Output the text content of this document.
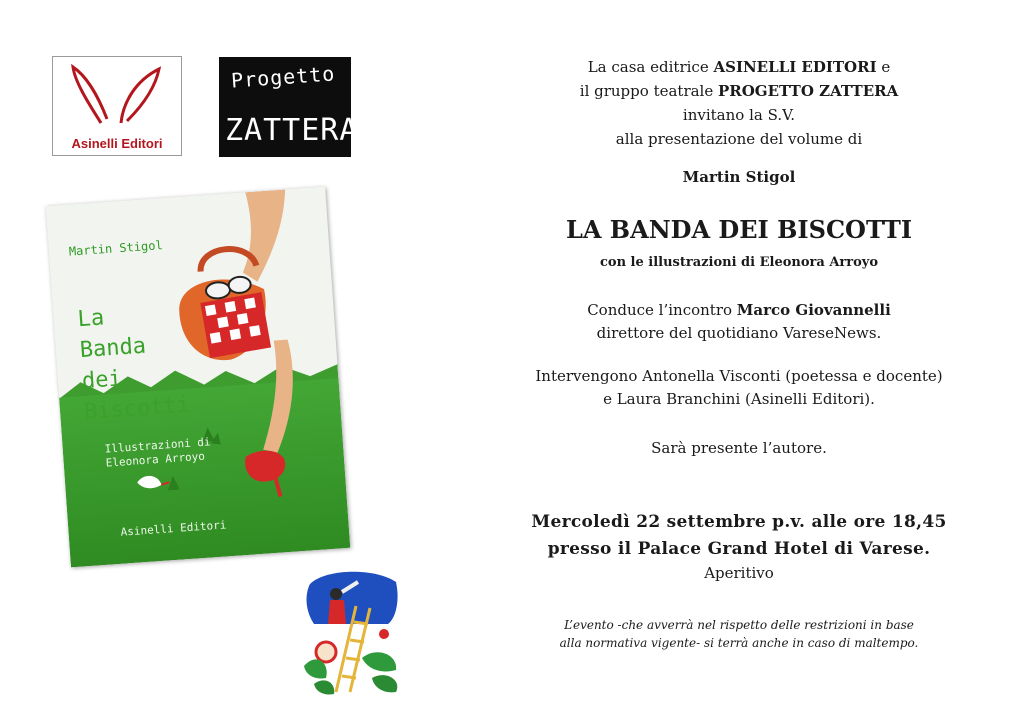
Asinelli Editori
Progetto
ZATTERA
Martin Stigol
La
Banda
dei
Biscotti
Illustrazioni di
Eleonora Arroyo
Asinelli Editori
La casa editrice ASINELLI EDITORI e
il gruppo teatrale PROGETTO ZATTERA
invitano la S.V.
alla presentazione del volume di
Martin Stigol
LA BANDA DEI BISCOTTI
con le illustrazioni di Eleonora Arroyo
Conduce l’incontro Marco Giovannelli
direttore del quotidiano VareseNews.
Intervengono Antonella Visconti (poetessa e docente)
e Laura Branchini (Asinelli Editori).
Sarà presente l’autore.
Mercoledì 22 settembre p.v. alle ore 18,45
presso il Palace Grand Hotel di Varese.
Aperitivo
L’evento -che avverrà nel rispetto delle restrizioni in base
alla normativa vigente- si terrà anche in caso di maltempo.
